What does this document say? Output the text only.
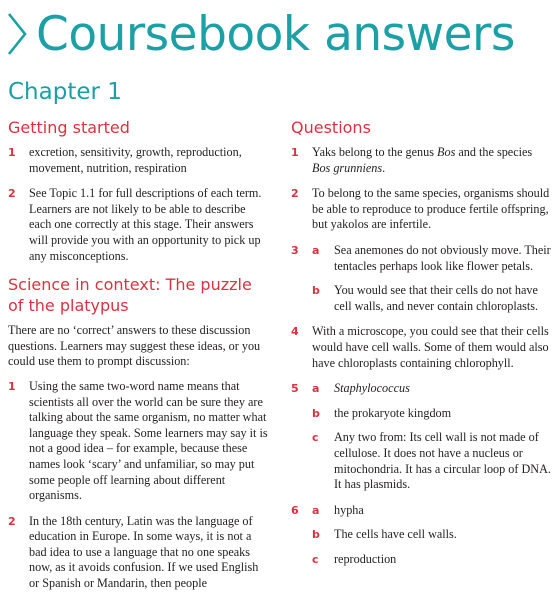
Coursebook answers
Chapter 1
Getting started
1	excretion, sensitivity, growth, reproduction, movement, nutrition, respiration
2	See Topic 1.1 for full descriptions of each term. Learners are not likely to be able to describe each one correctly at this stage. Their answers will provide you with an opportunity to pick up any misconceptions.
Science in context: The puzzle of the platypus

There are no ‘correct’ answers to these discussion questions. Learners may suggest these ideas, or you could use them to prompt discussion:

1	Using the same two-word name means that scientists all over the world can be sure they are talking about the same organism, no matter what language they speak. Some learners may say it is not a good idea – for example, because these names look ‘scary’ and unfamiliar, so may put some people off learning about different organisms.
2	In the 18th century, Latin was the language of education in Europe. In some ways, it is not a bad idea to use a language that no one speaks now, as it avoids confusion. If we used English or Spanish or Mandarin, then people
Questions
1	Yaks belong to the genus Bos and the species Bos grunniens.
2	To belong to the same species, organisms should be able to reproduce to produce fertile offspring, but yakolos are infertile.
3	a	Sea anemones do not obviously move. Their tentacles perhaps look like flower petals.
b	You would see that their cells do not have cell walls, and never contain chloroplasts.
4	With a microscope, you could see that their cells would have cell walls. Some of them would also have chloroplasts containing chlorophyll.
5	a	Staphylococcus
b	the prokaryote kingdom
c	Any two from: Its cell wall is not made of cellulose. It does not have a nucleus or mitochondria. It has a circular loop of DNA. It has plasmids.
6	a	hypha
b	The cells have cell walls.
c	reproduction
